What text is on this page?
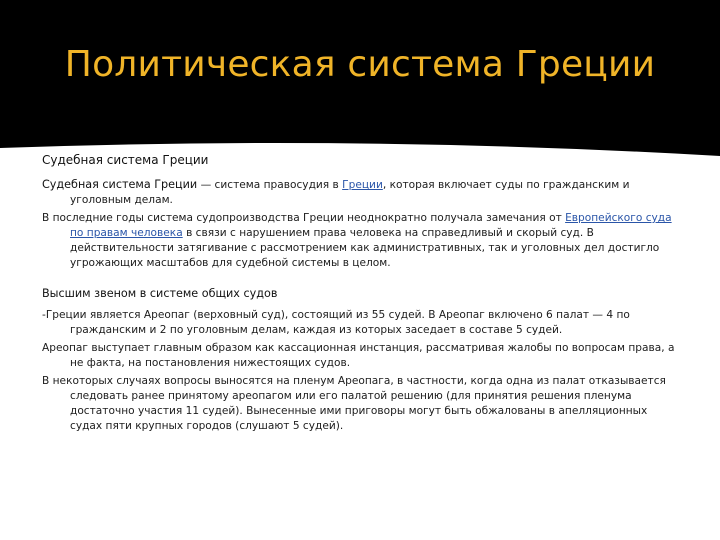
Политическая система Греции
Судебная система Греции
Судебная система Греции — система правосудия в Греции, которая включает суды по гражданским и уголовным делам.
В последние годы система судопроизводства Греции неоднократно получала замечания от Европейского суда по правам человека в связи с нарушением права человека на справедливый и скорый суд. В действительности затягивание с рассмотрением как административных, так и уголовных дел достигло угрожающих масштабов для судебной системы в целом.
Высшим звеном в системе общих судов
-Греции является Ареопаг (верховный суд), состоящий из 55 судей. В Ареопаг включено 6 палат — 4 по гражданским и 2 по уголовным делам, каждая из которых заседает в составе 5 судей.
Ареопаг выступает главным образом как кассационная инстанция, рассматривая жалобы по вопросам права, а не факта, на постановления нижестоящих судов.
В некоторых случаях вопросы выносятся на пленум Ареопага, в частности, когда одна из палат отказывается следовать ранее принятому ареопагом или его палатой решению (для принятия решения пленума достаточно участия 11 судей). Вынесенные ими приговоры могут быть обжалованы в апелляционных судах пяти крупных городов (слушают 5 судей).
